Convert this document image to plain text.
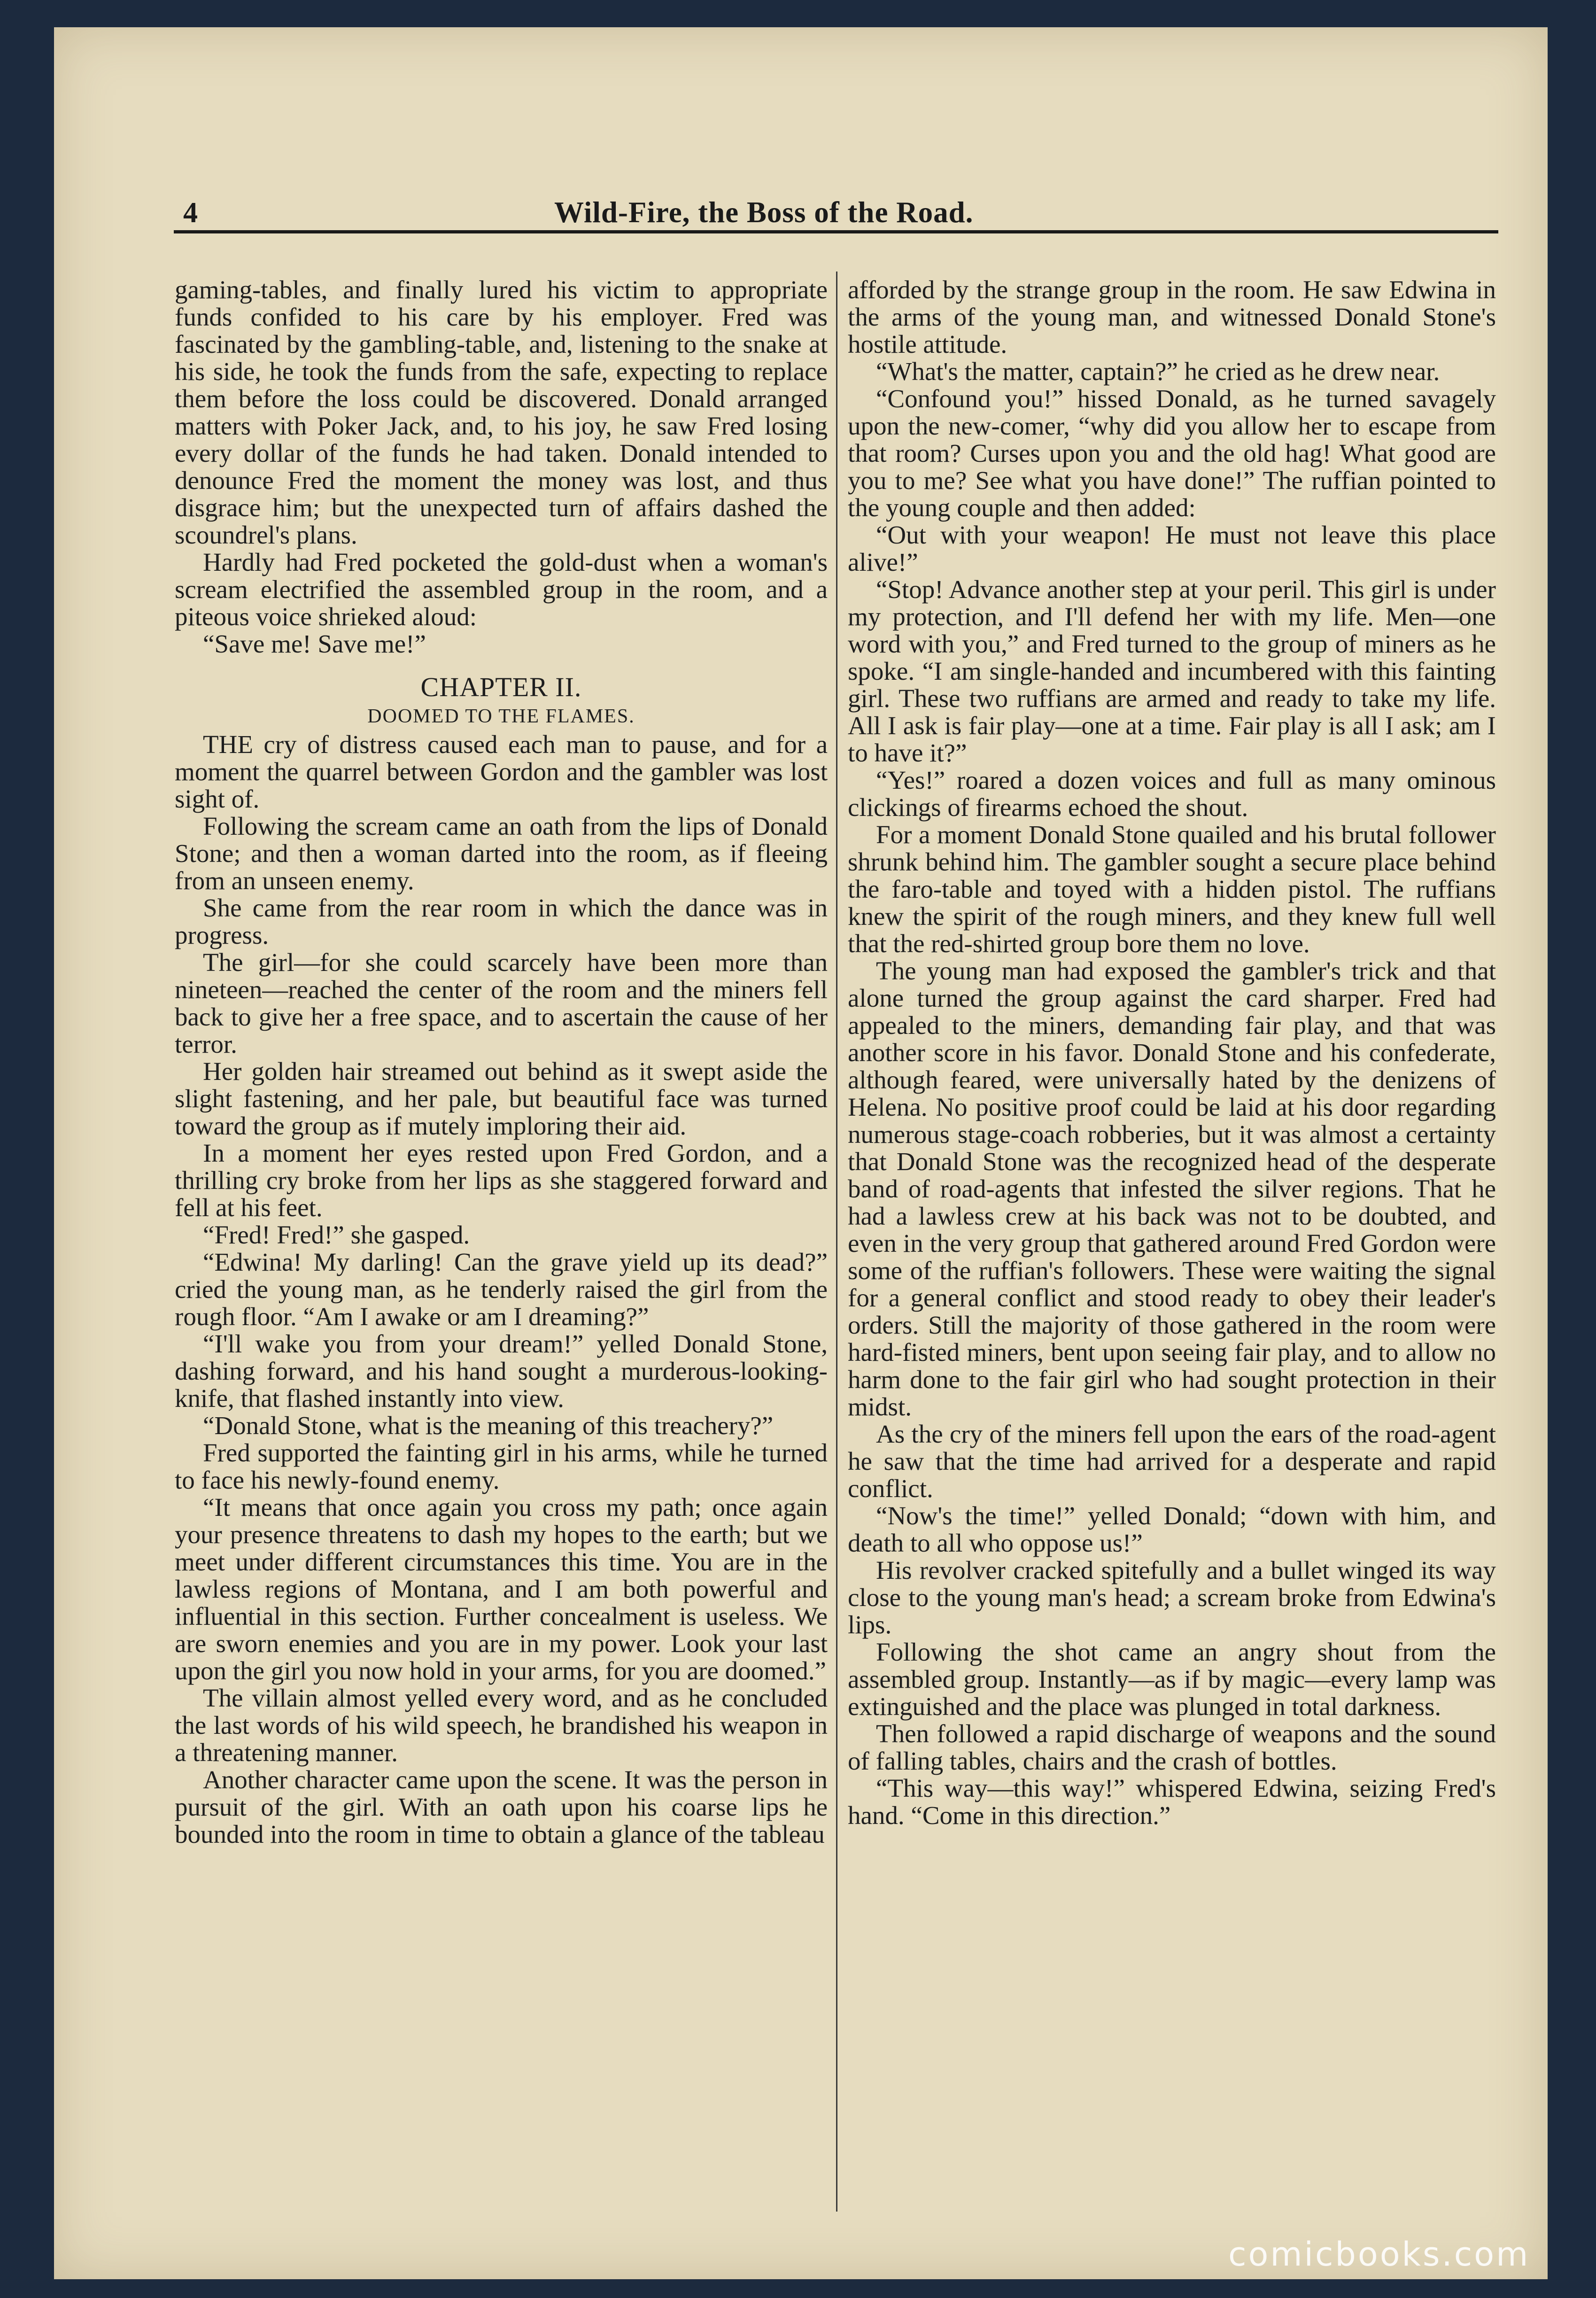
4	Wild-Fire, the Boss of the Road.

gaming-tables, and finally lured his victim to appropriate funds confided to his care by his employer. Fred was fascinated by the gambling-table, and, listening to the snake at his side, he took the funds from the safe, expecting to replace them before the loss could be discovered. Donald arranged matters with Poker Jack, and, to his joy, he saw Fred losing every dollar of the funds he had taken. Donald intended to denounce Fred the moment the money was lost, and thus disgrace him; but the unexpected turn of affairs dashed the scoundrel's plans.

Hardly had Fred pocketed the gold-dust when a woman's scream electrified the assembled group in the room, and a piteous voice shrieked aloud:

“Save me! Save me!”

CHAPTER II.
DOOMED TO THE FLAMES.

THE cry of distress caused each man to pause, and for a moment the quarrel between Gordon and the gambler was lost sight of.

Following the scream came an oath from the lips of Donald Stone; and then a woman darted into the room, as if fleeing from an unseen enemy.

She came from the rear room in which the dance was in progress.

The girl—for she could scarcely have been more than nineteen—reached the center of the room and the miners fell back to give her a free space, and to ascertain the cause of her terror.

Her golden hair streamed out behind as it swept aside the slight fastening, and her pale, but beautiful face was turned toward the group as if mutely imploring their aid.

In a moment her eyes rested upon Fred Gordon, and a thrilling cry broke from her lips as she staggered forward and fell at his feet.

“Fred! Fred!” she gasped.

“Edwina! My darling! Can the grave yield up its dead?” cried the young man, as he tenderly raised the girl from the rough floor. “Am I awake or am I dreaming?”

“I'll wake you from your dream!” yelled Donald Stone, dashing forward, and his hand sought a murderous-looking-knife, that flashed instantly into view.

“Donald Stone, what is the meaning of this treachery?”

Fred supported the fainting girl in his arms, while he turned to face his newly-found enemy.

“It means that once again you cross my path; once again your presence threatens to dash my hopes to the earth; but we meet under different circumstances this time. You are in the lawless regions of Montana, and I am both powerful and influential in this section. Further concealment is useless. We are sworn enemies and you are in my power. Look your last upon the girl you now hold in your arms, for you are doomed.”

The villain almost yelled every word, and as he concluded the last words of his wild speech, he brandished his weapon in a threatening manner.

Another character came upon the scene. It was the person in pursuit of the girl. With an oath upon his coarse lips he bounded into the room in time to obtain a glance of the tableau

afforded by the strange group in the room. He saw Edwina in the arms of the young man, and witnessed Donald Stone's hostile attitude.

“What's the matter, captain?” he cried as he drew near.

“Confound you!” hissed Donald, as he turned savagely upon the new-comer, “why did you allow her to escape from that room? Curses upon you and the old hag! What good are you to me? See what you have done!” The ruffian pointed to the young couple and then added:

“Out with your weapon! He must not leave this place alive!”

“Stop! Advance another step at your peril. This girl is under my protection, and I'll defend her with my life. Men—one word with you,” and Fred turned to the group of miners as he spoke. “I am single-handed and incumbered with this fainting girl. These two ruffians are armed and ready to take my life. All I ask is fair play—one at a time. Fair play is all I ask; am I to have it?”

“Yes!” roared a dozen voices and full as many ominous clickings of firearms echoed the shout.

For a moment Donald Stone quailed and his brutal follower shrunk behind him. The gambler sought a secure place behind the faro-table and toyed with a hidden pistol. The ruffians knew the spirit of the rough miners, and they knew full well that the red-shirted group bore them no love.

The young man had exposed the gambler's trick and that alone turned the group against the card sharper. Fred had appealed to the miners, demanding fair play, and that was another score in his favor. Donald Stone and his confederate, although feared, were universally hated by the denizens of Helena. No positive proof could be laid at his door regarding numerous stage-coach robberies, but it was almost a certainty that Donald Stone was the recognized head of the desperate band of road-agents that infested the silver regions. That he had a lawless crew at his back was not to be doubted, and even in the very group that gathered around Fred Gordon were some of the ruffian's followers. These were waiting the signal for a general conflict and stood ready to obey their leader's orders. Still the majority of those gathered in the room were hard-fisted miners, bent upon seeing fair play, and to allow no harm done to the fair girl who had sought protection in their midst.

As the cry of the miners fell upon the ears of the road-agent he saw that the time had arrived for a desperate and rapid conflict.

“Now's the time!” yelled Donald; “down with him, and death to all who oppose us!”

His revolver cracked spitefully and a bullet winged its way close to the young man's head; a scream broke from Edwina's lips.

Following the shot came an angry shout from the assembled group. Instantly—as if by magic—every lamp was extinguished and the place was plunged in total darkness.

Then followed a rapid discharge of weapons and the sound of falling tables, chairs and the crash of bottles.

“This way—this way!” whispered Edwina, seizing Fred's hand. “Come in this direction.”

comicbooks.com
